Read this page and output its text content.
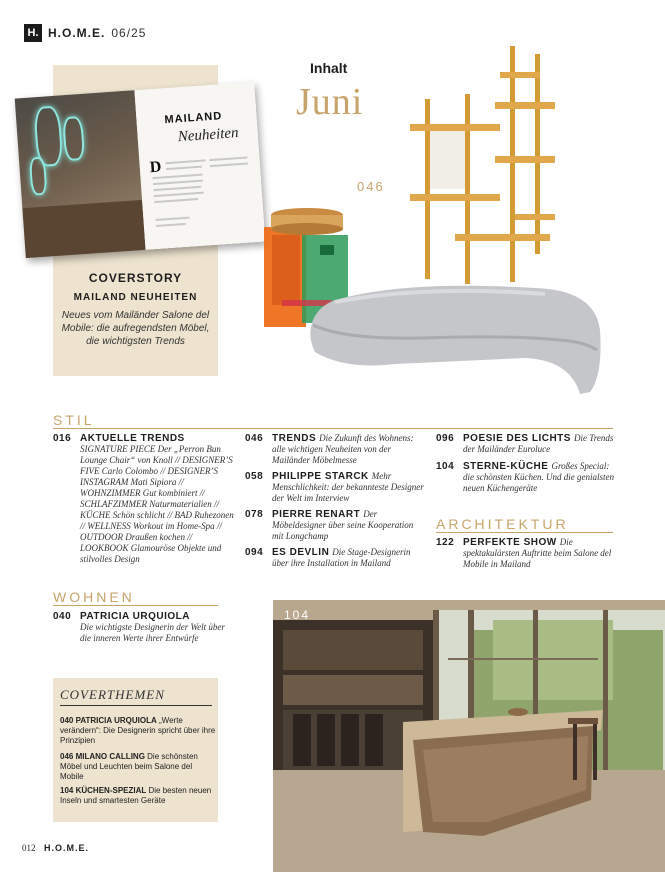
H. H.O.M.E. 06/25
MAILAND
Neuheiten
D
COVERSTORY
MAILAND NEUHEITEN
Neues vom Mailänder Salone del Mobile: die aufregendsten Möbel, die wichtigsten Trends
Inhalt
Juni
046
STIL
016 AKTUELLE TRENDS
SIGNATURE PIECE Der „Perron Bun Lounge Chair“ von Knoll // DESIGNER’S FIVE Carlo Colombo // DESIGNER’S INSTAGRAM Mati Sipiora // WOHNZIMMER Gut kombiniert // SCHLAFZIMMER Naturmaterialien // KÜCHE Schön schlicht // BAD Ruhezonen // WELLNESS Workout im Home-Spa // OUTDOOR Draußen kochen // LOOKBOOK Glamouröse Objekte und stilvolles Design
046 TRENDS Die Zukunft des Wohnens: alle wichtigen Neuheiten von der Mailänder Möbelmesse
058 PHILIPPE STARCK Mehr Menschlichkeit: der bekannteste Designer der Welt im Interview
078 PIERRE RENART Der Möbeldesigner über seine Kooperation mit Longchamp
094 ES DEVLIN Die Stage-Designerin über ihre Installation in Mailand
096 POESIE DES LICHTS Die Trends der Mailänder Euroluce
104 STERNE-KÜCHE Großes Special: die schönsten Küchen. Und die genialsten neuen Küchengeräte
ARCHITEKTUR
122 PERFEKTE SHOW Die spektakulärsten Auftritte beim Salone del Mobile in Mailand
WOHNEN
040 PATRICIA URQUIOLA
Die wichtigste Designerin der Welt über die inneren Werte ihrer Entwürfe
COVERTHEMEN
040 PATRICIA URQUIOLA „Werte verändern“: Die Designerin spricht über ihre Prinzipien
046 MILANO CALLING Die schönsten Möbel und Leuchten beim Salone del Mobile
104 KÜCHEN-SPEZIAL Die besten neuen Inseln und smartesten Geräte
104
012 H.O.M.E.
